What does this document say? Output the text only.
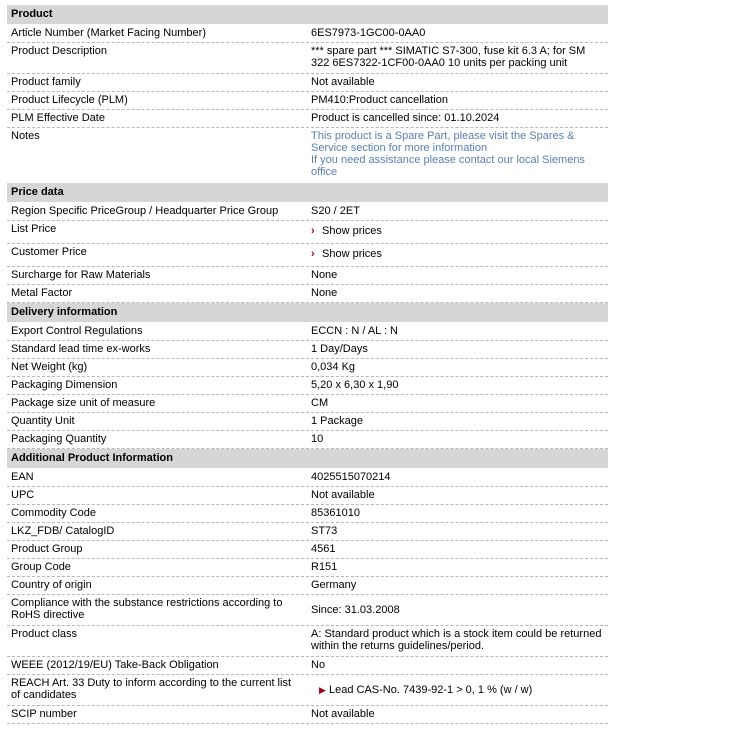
Product
Article Number (Market Facing Number)	6ES7973-1GC00-0AA0
Product Description	*** spare part *** SIMATIC S7-300, fuse kit 6.3 A; for SM 322 6ES7322-1CF00-0AA0 10 units per packing unit
Product family	Not available
Product Lifecycle (PLM)	PM410:Product cancellation
PLM Effective Date	Product is cancelled since: 01.10.2024
Notes	This product is a Spare Part, please visit the Spares & Service section for more information
If you need assistance please contact our local Siemens office
Price data
Region Specific PriceGroup / Headquarter Price Group	S20 / 2ET
List Price	› Show prices
Customer Price	› Show prices
Surcharge for Raw Materials	None
Metal Factor	None
Delivery information
Export Control Regulations	ECCN : N / AL : N
Standard lead time ex-works	1 Day/Days
Net Weight (kg)	0,034 Kg
Packaging Dimension	5,20 x 6,30 x 1,90
Package size unit of measure	CM
Quantity Unit	1 Package
Packaging Quantity	10
Additional Product Information
EAN	4025515070214
UPC	Not available
Commodity Code	85361010
LKZ_FDB/ CatalogID	ST73
Product Group	4561
Group Code	R151
Country of origin	Germany
Compliance with the substance restrictions according to RoHS directive	Since: 31.03.2008
Product class	A: Standard product which is a stock item could be returned within the returns guidelines/period.
WEEE (2012/19/EU) Take-Back Obligation	No
REACH Art. 33 Duty to inform according to the current list of candidates	▶ Lead CAS-No. 7439-92-1 > 0, 1 % (w / w)
SCIP number	Not available
